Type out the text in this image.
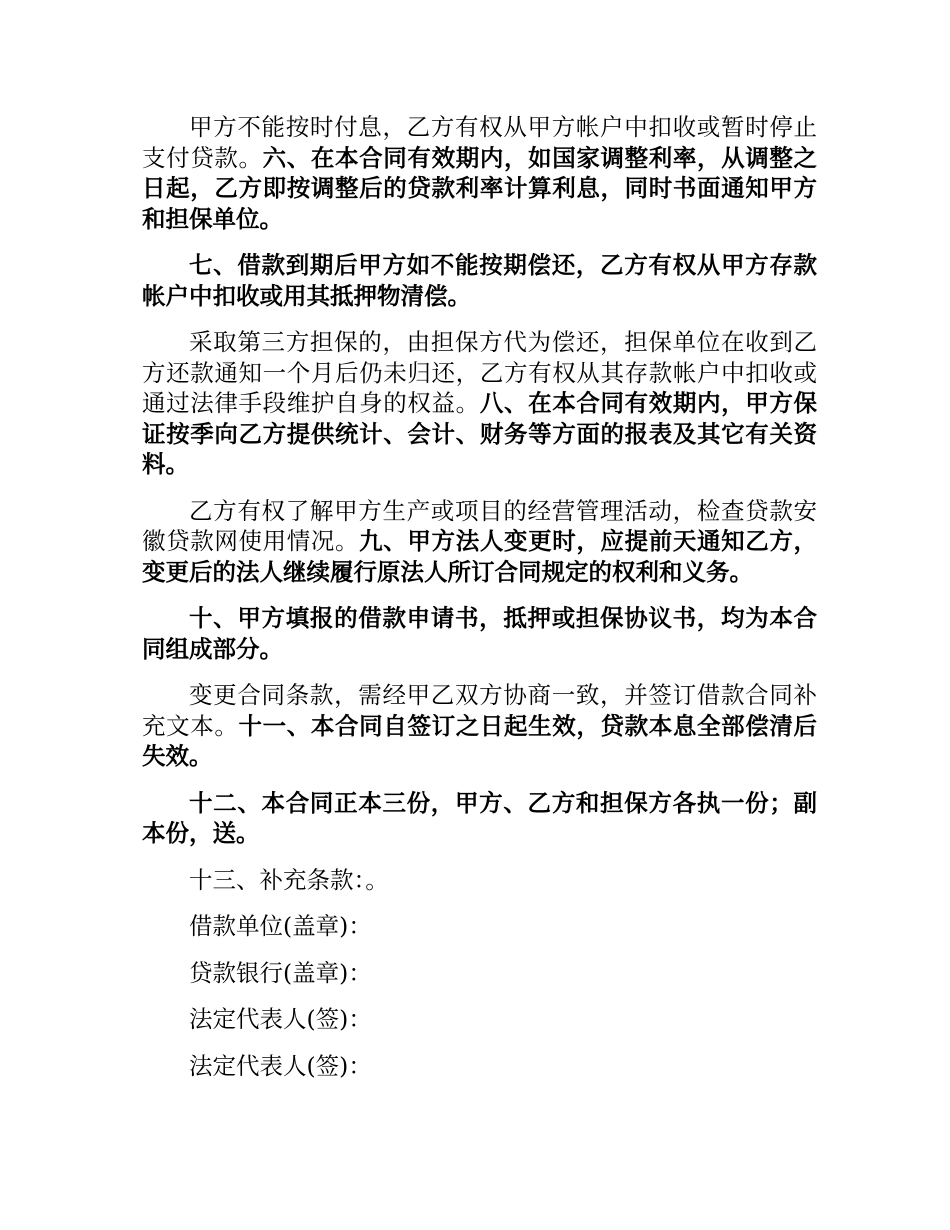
甲方不能按时付息，乙方有权从甲方帐户中扣收或暂时停止支付贷款。六、在本合同有效期内，如国家调整利率，从调整之日起，乙方即按调整后的贷款利率计算利息，同时书面通知甲方和担保单位。

七、借款到期后甲方如不能按期偿还，乙方有权从甲方存款帐户中扣收或用其抵押物清偿。

采取第三方担保的，由担保方代为偿还，担保单位在收到乙方还款通知一个月后仍未归还，乙方有权从其存款帐户中扣收或通过法律手段维护自身的权益。八、在本合同有效期内，甲方保证按季向乙方提供统计、会计、财务等方面的报表及其它有关资料。

乙方有权了解甲方生产或项目的经营管理活动，检查贷款安徽贷款网使用情况。九、甲方法人变更时，应提前天通知乙方，变更后的法人继续履行原法人所订合同规定的权利和义务。

十、甲方填报的借款申请书，抵押或担保协议书，均为本合同组成部分。

变更合同条款，需经甲乙双方协商一致，并签订借款合同补充文本。十一、本合同自签订之日起生效，贷款本息全部偿清后失效。

十二、本合同正本三份，甲方、乙方和担保方各执一份；副本份，送。

十三、补充条款：。

借款单位(盖章)：

贷款银行(盖章)：

法定代表人(签)：

法定代表人(签)：
